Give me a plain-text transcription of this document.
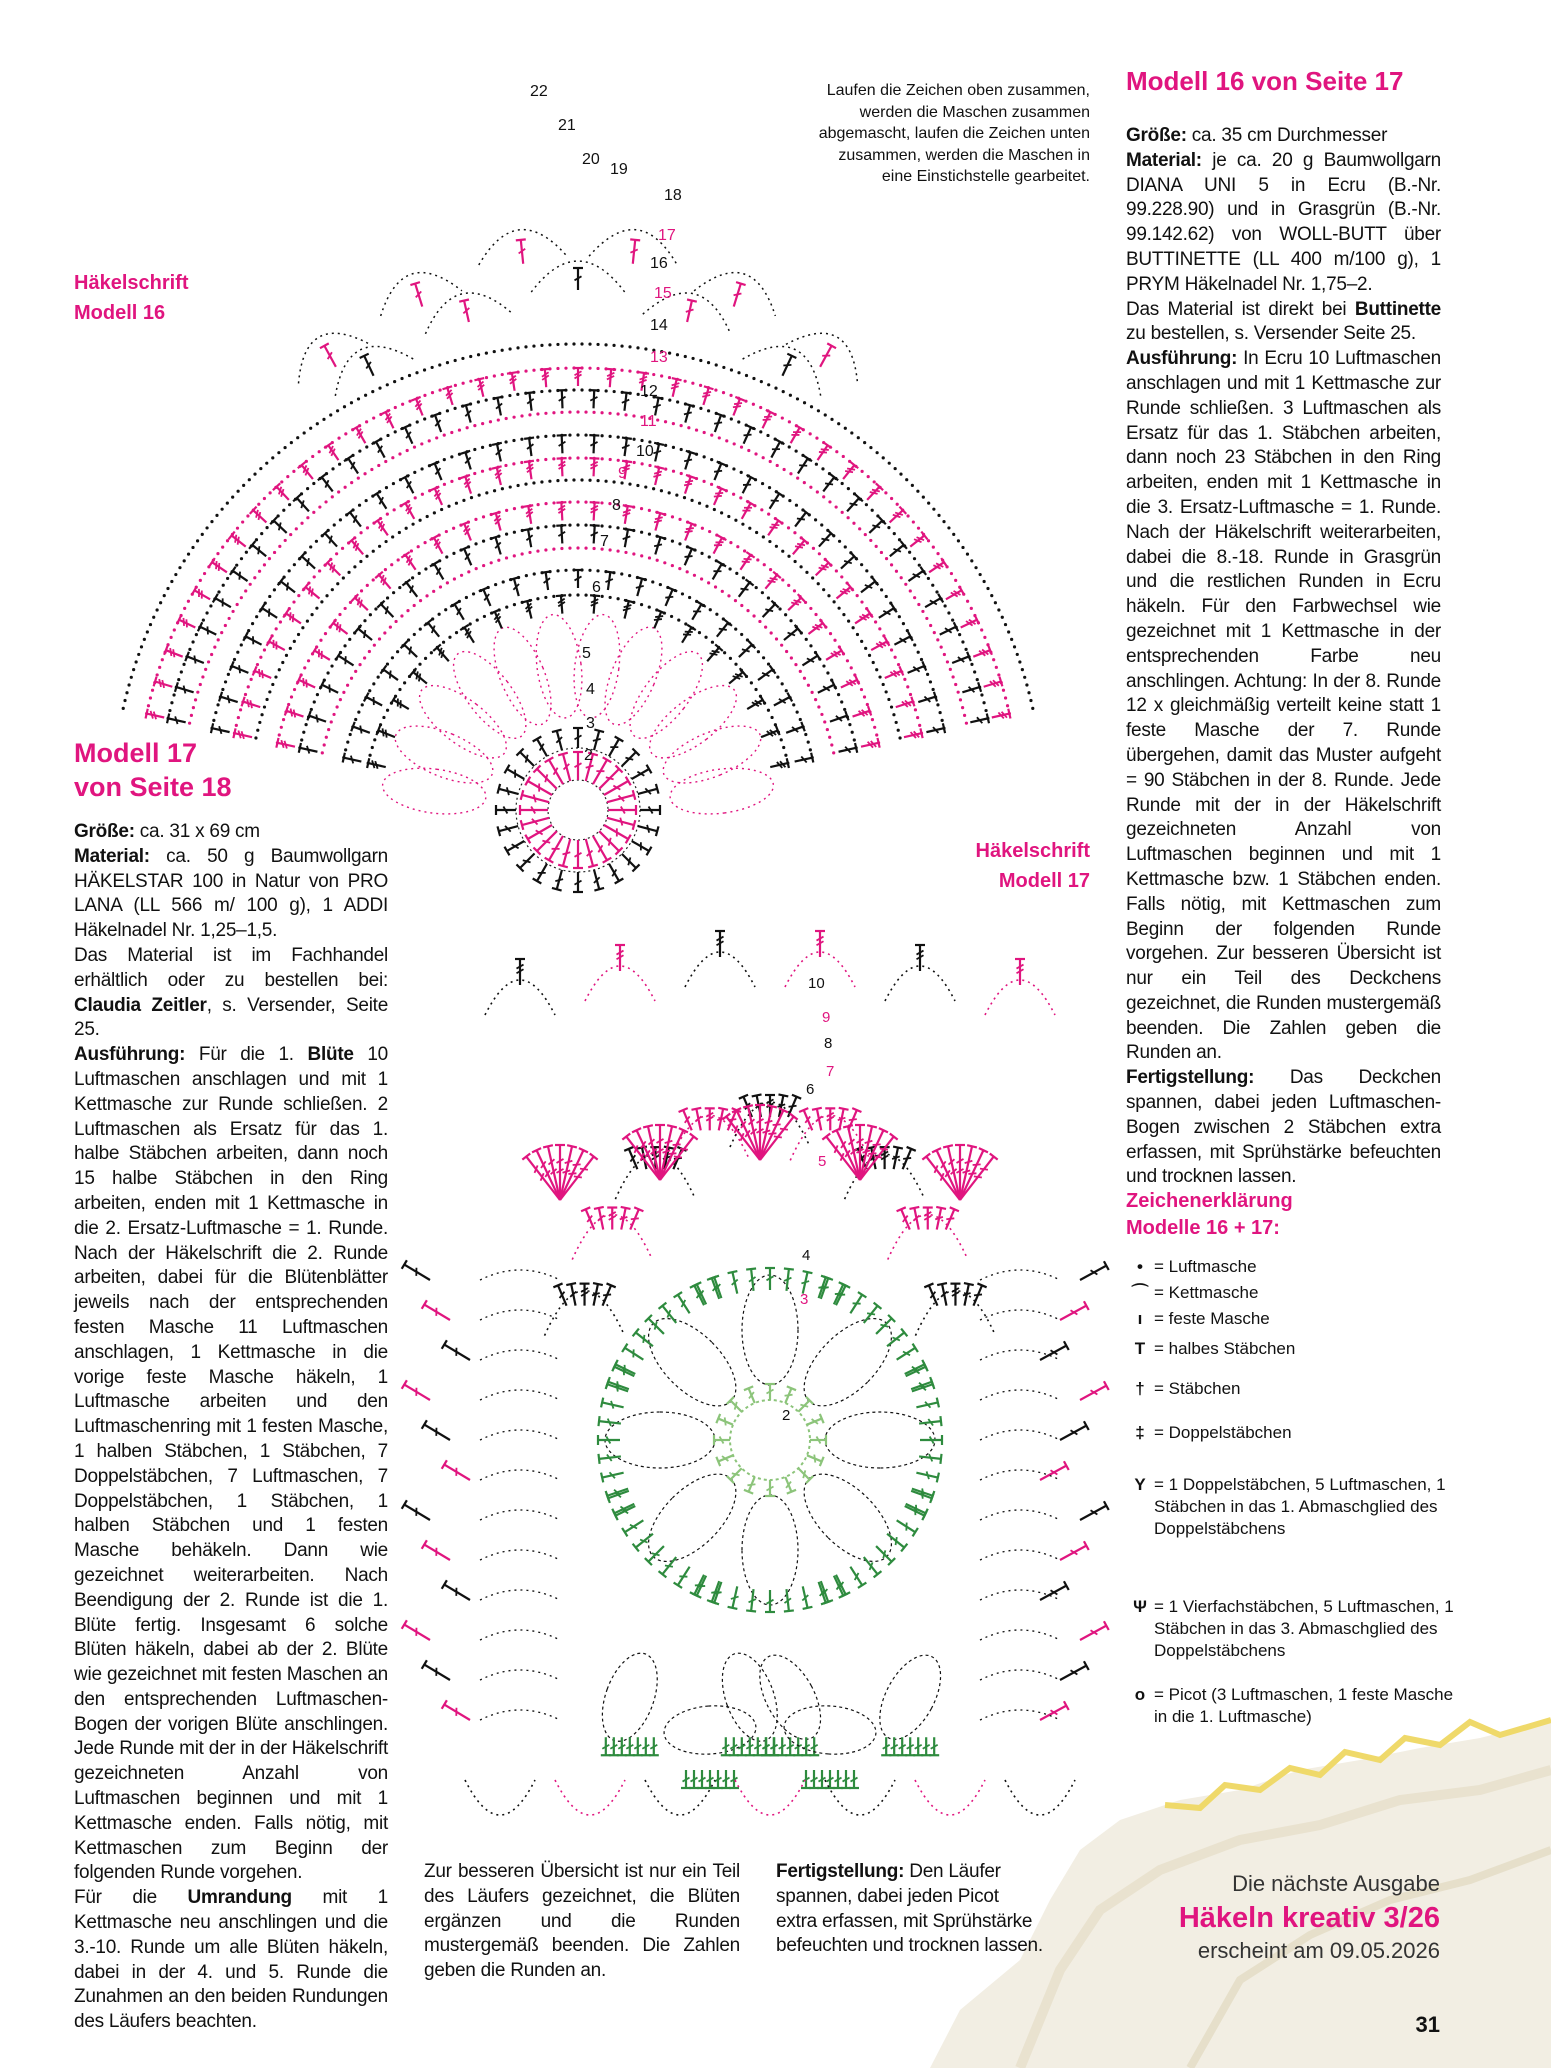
2
3
4
5
6
7
8
9
10
11
12
13
14
15
16
17
18
19
20
21
22
2
3
4
5
6
7
8
9
10
Laufen die Zeichen oben zusammen,
werden die Maschen zusammen
abgemascht, laufen die Zeichen unten
zusammen, werden die Maschen in
eine Einstichstelle gearbeitet.
Häkelschrift
Modell 16
Häkelschrift
Modell 17
Modell 16 von Seite 17

Größe: ca. 35 cm Durchmesser

Material: je ca. 20 g Baumwollgarn DIANA UNI 5 in Ecru (B.-Nr. 99.228.90) und in Grasgrün (B.-Nr. 99.142.62) von WOLL-BUTT über BUTTINETTE (LL 400 m/100 g), 1 PRYM Häkelnadel Nr. 1,75–2.

Das Material ist direkt bei Buttinette zu bestellen, s. Versender Seite 25.

Ausführung: In Ecru 10 Luftmaschen anschlagen und mit 1 Kettmasche zur Runde schließen. 3 Luftmaschen als Ersatz für das 1. Stäbchen arbeiten, dann noch 23 Stäbchen in den Ring arbeiten, enden mit 1 Kettmasche in die 3. Ersatz-Luftmasche = 1. Runde. Nach der Häkelschrift weiterarbeiten, dabei die 8.-18. Runde in Grasgrün und die restlichen Runden in Ecru häkeln. Für den Farbwechsel wie gezeichnet mit 1 Kettmasche in der entsprechenden Farbe neu anschlingen. Achtung: In der 8. Runde 12 x gleichmäßig verteilt keine statt 1 feste Masche der 7. Runde übergehen, damit das Muster aufgeht = 90 Stäbchen in der 8. Runde. Jede Runde mit der in der Häkelschrift gezeichneten Anzahl von Luftmaschen beginnen und mit 1 Kettmasche bzw. 1 Stäbchen enden. Falls nötig, mit Kettmaschen zum Beginn der folgenden Runde vorgehen. Zur besseren Übersicht ist nur ein Teil des Deckchens gezeichnet, die Runden mustergemäß beenden. Die Zahlen geben die Runden an.

Fertigstellung: Das Deckchen spannen, dabei jeden Luftmaschen-Bogen zwischen 2 Stäbchen extra erfassen, mit Sprühstärke befeuchten und trocknen lassen.

Zeichenerklärung
Modelle 16 + 17:
• = Luftmasche
⌒ = Kettmasche
ı = feste Masche
T = halbes Stäbchen
† = Stäbchen
‡ = Doppelstäbchen
Y = 1 Doppelstäbchen, 5 Luftmaschen, 1 Stäbchen in das 1. Abmaschglied des Doppelstäbchens
Ψ = 1 Vierfachstäbchen, 5 Luftmaschen, 1 Stäbchen in das 3. Abmaschglied des Doppelstäbchens
o = Picot (3 Luftmaschen, 1 feste Masche in die 1. Luftmasche)
Modell 17
von Seite 18

Größe: ca. 31 x 69 cm

Material: ca. 50 g Baumwollgarn HÄKELSTAR 100 in Natur von PRO LANA (LL 566 m/ 100 g), 1 ADDI Häkelnadel Nr. 1,25–1,5.

Das Material ist im Fachhandel erhältlich oder zu bestellen bei: Claudia Zeitler, s. Versender, Seite 25.

Ausführung: Für die 1. Blüte 10 Luftmaschen anschlagen und mit 1 Kettmasche zur Runde schließen. 2 Luftmaschen als Ersatz für das 1. halbe Stäbchen arbeiten, dann noch 15 halbe Stäbchen in den Ring arbeiten, enden mit 1 Kettmasche in die 2. Ersatz-Luftmasche = 1. Runde. Nach der Häkelschrift die 2. Runde arbeiten, dabei für die Blütenblätter jeweils nach der entsprechenden festen Masche 11 Luftmaschen anschlagen, 1 Kettmasche in die vorige feste Masche häkeln, 1 Luftmasche arbeiten und den Luftmaschenring mit 1 festen Masche, 1 halben Stäbchen, 1 Stäbchen, 7 Doppelstäbchen, 7 Luftmaschen, 7 Doppelstäbchen, 1 Stäbchen, 1 halben Stäbchen und 1 festen Masche behäkeln. Dann wie gezeichnet weiterarbeiten. Nach Beendigung der 2. Runde ist die 1. Blüte fertig. Insgesamt 6 solche Blüten häkeln, dabei ab der 2. Blüte wie gezeichnet mit festen Maschen an den entsprechenden Luftmaschen-Bogen der vorigen Blüte anschlingen. Jede Runde mit der in der Häkelschrift gezeichneten Anzahl von Luftmaschen beginnen und mit 1 Kettmasche enden. Falls nötig, mit Kettmaschen zum Beginn der folgenden Runde vorgehen.

Für die Umrandung mit 1 Kettmasche neu anschlingen und die 3.-10. Runde um alle Blüten häkeln, dabei in der 4. und 5. Runde die Zunahmen an den beiden Rundungen des Läufers beachten.

Zur besseren Übersicht ist nur ein Teil des Läufers gezeichnet, die Blüten ergänzen und die Runden mustergemäß beenden. Die Zahlen geben die Runden an.
Fertigstellung: Den Läufer spannen, dabei jeden Picot extra erfassen, mit Sprühstärke befeuchten und trocknen lassen.
Die nächste Ausgabe
Häkeln kreativ 3/26
erscheint am 09.05.2026
31
